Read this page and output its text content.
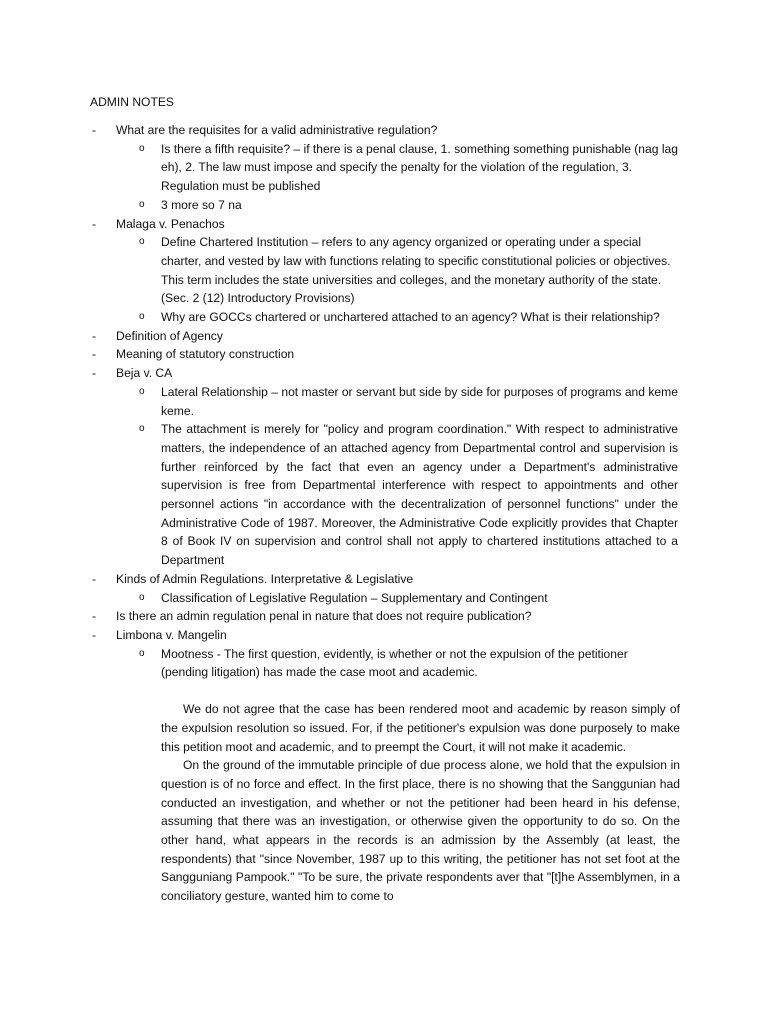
ADMIN NOTES
- What are the requisites for a valid administrative regulation?
o Is there a fifth requisite? – if there is a penal clause, 1. something something punishable (nag lag eh), 2. The law must impose and specify the penalty for the violation of the regulation, 3. Regulation must be published
o 3 more so 7 na
- Malaga v. Penachos
o Define Chartered Institution – refers to any agency organized or operating under a special charter, and vested by law with functions relating to specific constitutional policies or objectives. This term includes the state universities and colleges, and the monetary authority of the state. (Sec. 2 (12) Introductory Provisions)
o Why are GOCCs chartered or unchartered attached to an agency? What is their relationship?
- Definition of Agency
- Meaning of statutory construction
- Beja v. CA
o Lateral Relationship – not master or servant but side by side for purposes of programs and keme keme.
o The attachment is merely for "policy and program coordination." With respect to administrative matters, the independence of an attached agency from Departmental control and supervision is further reinforced by the fact that even an agency under a Department's administrative supervision is free from Departmental interference with respect to appointments and other personnel actions "in accordance with the decentralization of personnel functions" under the Administrative Code of 1987. Moreover, the Administrative Code explicitly provides that Chapter 8 of Book IV on supervision and control shall not apply to chartered institutions attached to a Department
- Kinds of Admin Regulations. Interpretative & Legislative
o Classification of Legislative Regulation – Supplementary and Contingent
- Is there an admin regulation penal in nature that does not require publication?
- Limbona v. Mangelin
o Mootness - The first question, evidently, is whether or not the expulsion of the petitioner (pending litigation) has made the case moot and academic.

We do not agree that the case has been rendered moot and academic by reason simply of the expulsion resolution so issued. For, if the petitioner's expulsion was done purposely to make this petition moot and academic, and to preempt the Court, it will not make it academic.

On the ground of the immutable principle of due process alone, we hold that the expulsion in question is of no force and effect. In the first place, there is no showing that the Sanggunian had conducted an investigation, and whether or not the petitioner had been heard in his defense, assuming that there was an investigation, or otherwise given the opportunity to do so. On the other hand, what appears in the records is an admission by the Assembly (at least, the respondents) that "since November, 1987 up to this writing, the petitioner has not set foot at the Sangguniang Pampook." "To be sure, the private respondents aver that "[t]he Assemblymen, in a conciliatory gesture, wanted him to come to
